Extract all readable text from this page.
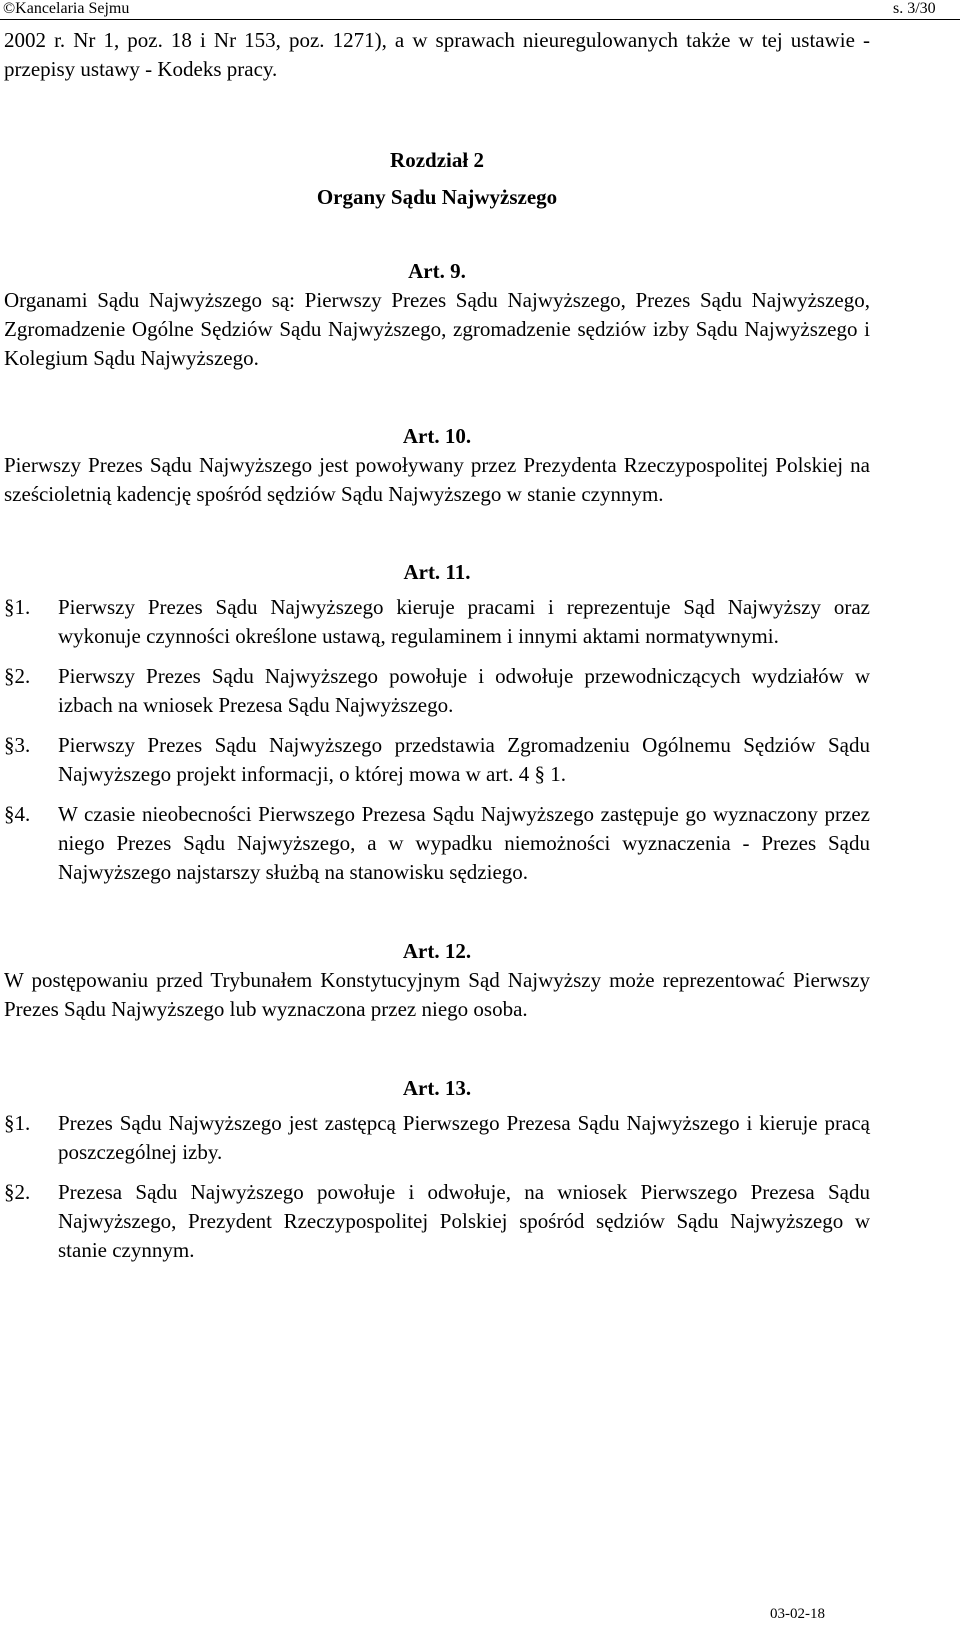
©Kancelaria Sejmu	s. 3/30

2002 r. Nr 1, poz. 18 i Nr 153, poz. 1271), a w sprawach nieuregulowanych także w tej ustawie - przepisy ustawy - Kodeks pracy.

Rozdział 2

Organy Sądu Najwyższego

Art. 9.

Organami Sądu Najwyższego są: Pierwszy Prezes Sądu Najwyższego, Prezes Sądu Najwyższego, Zgromadzenie Ogólne Sędziów Sądu Najwyższego, zgromadzenie sędziów izby Sądu Najwyższego i Kolegium Sądu Najwyższego.

Art. 10.

Pierwszy Prezes Sądu Najwyższego jest powoływany przez Prezydenta Rzeczypospolitej Polskiej na sześcioletnią kadencję spośród sędziów Sądu Najwyższego w stanie czynnym.

Art. 11.

§1.	Pierwszy Prezes Sądu Najwyższego kieruje pracami i reprezentuje Sąd Najwyższy oraz wykonuje czynności określone ustawą, regulaminem i innymi aktami normatywnymi.
§2.	Pierwszy Prezes Sądu Najwyższego powołuje i odwołuje przewodniczących wydziałów w izbach na wniosek Prezesa Sądu Najwyższego.
§3.	Pierwszy Prezes Sądu Najwyższego przedstawia Zgromadzeniu Ogólnemu Sędziów Sądu Najwyższego projekt informacji, o której mowa w art. 4 § 1.
§4.	W czasie nieobecności Pierwszego Prezesa Sądu Najwyższego zastępuje go wyznaczony przez niego Prezes Sądu Najwyższego, a w wypadku niemożności wyznaczenia - Prezes Sądu Najwyższego najstarszy służbą na stanowisku sędziego.

Art. 12.

W postępowaniu przed Trybunałem Konstytucyjnym Sąd Najwyższy może reprezentować Pierwszy Prezes Sądu Najwyższego lub wyznaczona przez niego osoba.

Art. 13.

§1.	Prezes Sądu Najwyższego jest zastępcą Pierwszego Prezesa Sądu Najwyższego i kieruje pracą poszczególnej izby.
§2.	Prezesa Sądu Najwyższego powołuje i odwołuje, na wniosek Pierwszego Prezesa Sądu Najwyższego, Prezydent Rzeczypospolitej Polskiej spośród sędziów Sądu Najwyższego w stanie czynnym.
03-02-18
